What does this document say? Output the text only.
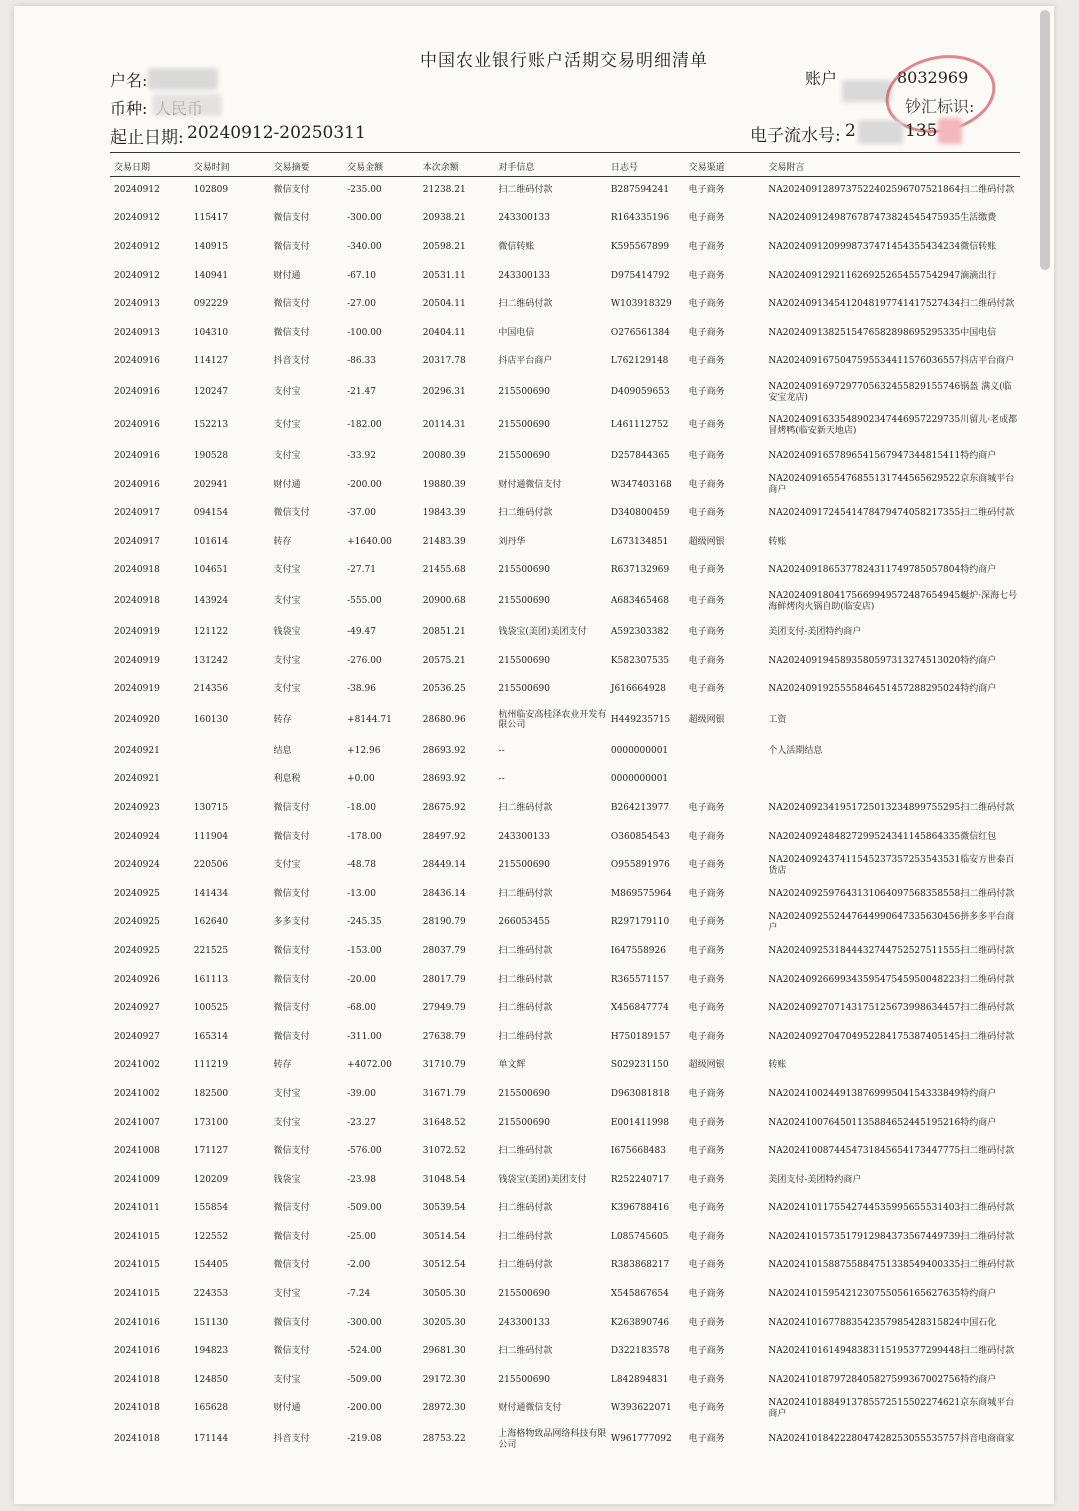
中国农业银行账户活期交易明细清单
户名:
币种:
起止日期: 20240912-20250311
账户	8032969
钞汇标识:
电子流水号: 2	135
交易日期	交易时间	交易摘要	交易金额	本次余额	对手信息	日志号	交易渠道	交易附言
20240912	102809	微信支付	-235.00	21238.21	扫二维码付款	B287594241	电子商务	NA202409128973752240259670752186​4扫二维码付款
20240912	115417	微信支付	-300.00	20938.21	243300133	R164335196	电子商务	NA20240912498767874738245454759​35生活缴费
20240912	140915	微信支付	-340.00	20598.21	微信转账	K595567899	电子商务	NA2024091209998737471454355434234微信转账
20240912	140941	财付通	-67.10	20531.11	243300133	D975414792	电子商务	NA2024091292116269252654557542947滴滴出行
20240913	092229	微信支付	-27.00	20504.11	扫二维码付款	W103918329	电子商务	NA2024091345412048197741417527434扫二维码付款
20240913	104310	微信支付	-100.00	20404.11	中国电信	O276561384	电子商务	NA2024091382515476582898695295335中国电信
20240916	114127	抖音支付	-86.33	20317.78	抖店平台商户	L762129148	电子商务	NA2024091675047595534411576036557抖店平台商户
20240916	120247	支付宝	-21.47	20296.31	215500690	D409059653	电子商务	NA2024091697297705632455829155746锅盔 满义(临安宝龙店)
20240916	152213	支付宝	-182.00	20114.31	215500690	L461112752	电子商务	NA2024091633548902347446957229735川留儿·老成都冒烤鸭(临安新天地店)
20240916	190528	支付宝	-33.92	20080.39	215500690	D257844365	电子商务	NA2024091657896541567947344815411特约商户
20240916	202941	财付通	-200.00	19880.39	财付通微信支付	W347403168	电子商务	NA2024091655476855131744565629522京东商城平台商户
20240917	094154	微信支付	-37.00	19843.39	扫二维码付款	D340800459	电子商务	NA2024091724541478479474058217355扫二维码付款
20240917	101614	转存	+1640.00	21483.39	刘丹华	L673134851	超级网银	转账
20240918	104651	支付宝	-27.71	21455.68	215500690	R637132969	电子商务	NA2024091865377824311749785057804特约商户
20240918	143924	支付宝	-555.00	20900.68	215500690	A683465468	电子商务	NA2024091804175669949572487654945蜒炉·深海七号海鲜烤肉火锅自助(临安店)
20240919	121122	钱袋宝	-49.47	20851.21	钱袋宝(美团)美团支付	A592303382	电子商务	美团支付-美团特约商户
20240919	131242	支付宝	-276.00	20575.21	215500690	K582307535	电子商务	NA2024091945893580597313274513020特约商户
20240919	214356	支付宝	-38.96	20536.25	215500690	J616664928	电子商务	NA2024091925555846451457288295024特约商户
20240920	160130	转存	+8144.71	28680.96	杭州临安高桂泽农业开发有限公司	H449235715	超级网银	工资
20240921		结息	+12.96	28693.92	--	0000000001		个人活期结息
20240921		利息税	+0.00	28693.92	--	0000000001		
20240923	130715	微信支付	-18.00	28675.92	扫二维码付款	B264213977	电子商务	NA2024092341951725013234899755295扫二维码付款
20240924	111904	微信支付	-178.00	28497.92	243300133	O360854543	电子商务	NA2024092484827299524341145864335微信红包
20240924	220506	支付宝	-48.78	28449.14	215500690	O955891976	电子商务	NA2024092437411545237357253543531临安方世泰百货店
20240925	141434	微信支付	-13.00	28436.14	扫二维码付款	M869575964	电子商务	NA2024092597643131064097568358558扫二维码付款
20240925	162640	多多支付	-245.35	28190.79	266053455	R297179110	电子商务	NA2024092552447644990647335630456拼多多平台商户
20240925	221525	微信支付	-153.00	28037.79	扫二维码付款	I647558926	电子商务	NA2024092531844432744752527511555扫二维码付款
20240926	161113	微信支付	-20.00	28017.79	扫二维码付款	R365571157	电子商务	NA2024092669934359547545950048223扫二维码付款
20240927	100525	微信支付	-68.00	27949.79	扫二维码付款	X456847774	电子商务	NA2024092707143175125673998634457扫二维码付款
20240927	165314	微信支付	-311.00	27638.79	扫二维码付款	H750189157	电子商务	NA2024092704704952284175387405145扫二维码付款
20241002	111219	转存	+4072.00	31710.79	单文辉	S029231150	超级网银	转账
20241002	182500	支付宝	-39.00	31671.79	215500690	D963081818	电子商务	NA2024100244913876999504154333849特约商户
20241007	173100	支付宝	-23.27	31648.52	215500690	E001411998	电子商务	NA2024100764501135884652445195216特约商户
20241008	171127	微信支付	-576.00	31072.52	扫二维码付款	I675668483	电子商务	NA2024100874454731845654173447775扫二维码付款
20241009	120209	钱袋宝	-23.98	31048.54	钱袋宝(美团)美团支付	R252240717	电子商务	美团支付-美团特约商户
20241011	155854	微信支付	-509.00	30539.54	扫二维码付款	K396788416	电子商务	NA2024101175542744535995655531403扫二维码付款
20241015	122552	微信支付	-25.00	30514.54	扫二维码付款	L085745605	电子商务	NA2024101573517912984373567449739扫二维码付款
20241015	154405	微信支付	-2.00	30512.54	扫二维码付款	R383868217	电子商务	NA2024101588755884751338549400335扫二维码付款
20241015	224353	支付宝	-7.24	30505.30	215500690	X545867654	电子商务	NA2024101595421230755056165627635特约商户
20241016	151130	微信支付	-300.00	30205.30	243300133	K263890746	电子商务	NA2024101677883542357985428315824中国石化
20241016	194823	微信支付	-524.00	29681.30	扫二维码付款	D322183578	电子商务	NA2024101614948383115195377299448扫二维码付款
20241018	124850	支付宝	-509.00	29172.30	215500690	L842894831	电子商务	NA2024101879728405827599367002756特约商户
20241018	165628	财付通	-200.00	28972.30	财付通微信支付	W393622071	电子商务	NA2024101884913785572515502274621京东商城平台商户
20241018	171144	抖音支付	-219.08	28753.22	上海格物致品网络科技有限公司	W961777092	电子商务	NA2024101842228047428253055535757抖音电商商家
